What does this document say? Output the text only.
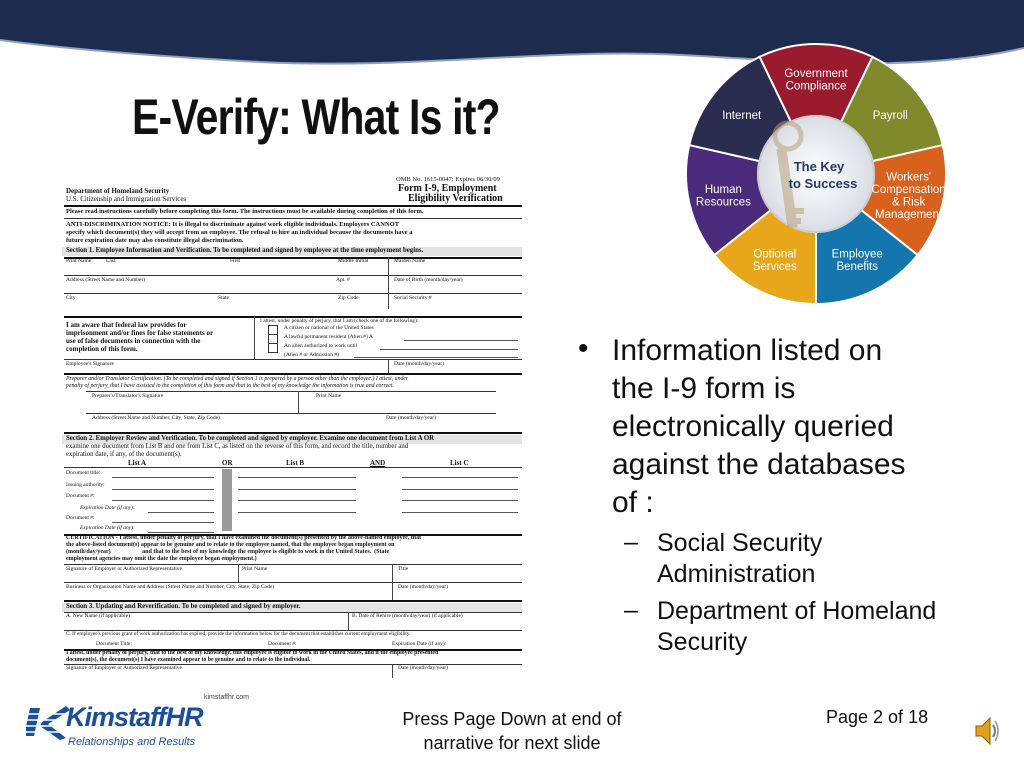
E-Verify: What Is it?
The Key
to Success
Government Compliance
Payroll
Workers' Compensation & Risk Management
Employee Benefits
Optional Services
Human Resources
Internet
OMB No. 1615-0047; Expires 06/30/09
Form I-9, Employment
Eligibility Verification
Department of Homeland Security
U.S. Citizenship and Immigration Services
Please read instructions carefully before completing this form. The instructions must be available during completion of this form.
ANTI-DISCRIMINATION NOTICE: It is illegal to discriminate against work eligible individuals. Employers CANNOT
specify which document(s) they will accept from an employee. The refusal to hire an individual because the documents have a
future expiration date may also constitute illegal discrimination.
Section 1. Employee Information and Verification. To be completed and signed by employee at the time employment begins.
Print Name: Last	First	Middle Initial	Maiden Name
Address (Street Name and Number)	Apt. #	Date of Birth (month/day/year)
City	State	Zip Code	Social Security #
I am aware that federal law provides for
imprisonment and/or fines for false statements or
use of false documents in connection with the
completion of this form.
I attest, under penalty of perjury, that I am (check one of the following):
A citizen or national of the United States
A lawful permanent resident (Alien #) A
An alien authorized to work until
(Alien # or Admission #)
Employee's Signature	Date (month/day/year)
Preparer and/or Translator Certification. (To be completed and signed if Section 1 is prepared by a person other than the employee.) I attest, under
penalty of perjury, that I have assisted in the completion of this form and that to the best of my knowledge the information is true and correct.
Preparer's/Translator's Signature	Print Name
Address (Street Name and Number, City, State, Zip Code)	Date (month/day/year)
Section 2. Employer Review and Verification. To be completed and signed by employer. Examine one document from List A OR
examine one document from List B and one from List C, as listed on the reverse of this form, and record the title, number and
expiration date, if any, of the document(s).
List A	OR	List B	AND	List C
Document title:
Issuing authority:
Document #:
Expiration Date (if any):
Document #:
Expiration Date (if any):
CERTIFICATION - I attest, under penalty of perjury, that I have examined the document(s) presented by the above-named employee, that
the above-listed document(s) appear to be genuine and to relate to the employee named, that the employee began employment on
(month/day/year)                     and that to the best of my knowledge the employee is eligible to work in the United States.  (State
employment agencies may omit the date the employee began employment.)
Signature of Employer or Authorized Representative	Print Name	Title
Business or Organization Name and Address (Street Name and Number, City, State, Zip Code)	Date (month/day/year)
Section 3. Updating and Reverification. To be completed and signed by employer.
A. New Name (if applicable)	B. Date of Rehire (month/day/year) (if applicable)
C. If employee's previous grant of work authorization has expired, provide the information below for the document that establishes current employment eligibility.
Document Title:	Document #:	Expiration Date (if any):
I attest, under penalty of perjury, that to the best of my knowledge, this employee is eligible to work in the United States, and if the employee presented
document(s), the document(s) I have examined appear to be genuine and to relate to the individual.
Signature of Employer or Authorized Representative	Date (month/day/year)
• Information listed on
the I-9 form is
electronically queried
against the databases
of :
– Social Security
Administration
– Department of Homeland
Security
kimstaffhr.com
KimstaffHR
Relationships and Results
Press Page Down at end of
narrative for next slide
Page 2 of 18
